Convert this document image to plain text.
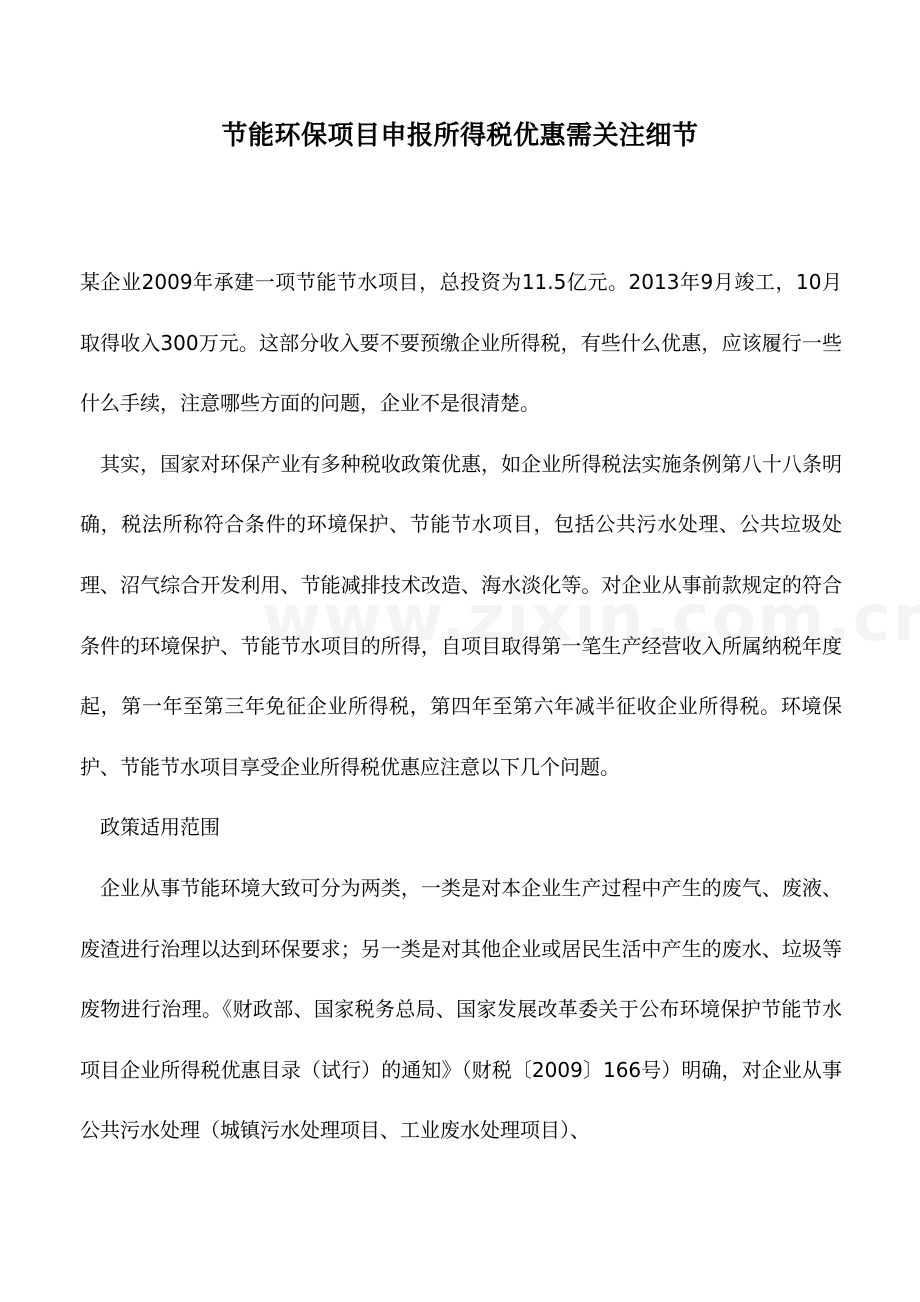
节能环保项目申报所得税优惠需关注细节

某企业2009年承建一项节能节水项目，总投资为11.5亿元。2013年9月竣工，10月取得收入300万元。这部分收入要不要预缴企业所得税，有些什么优惠，应该履行一些什么手续，注意哪些方面的问题，企业不是很清楚。

其实，国家对环保产业有多种税收政策优惠，如企业所得税法实施条例第八十八条明确，税法所称符合条件的环境保护、节能节水项目，包括公共污水处理、公共垃圾处理、沼气综合开发利用、节能减排技术改造、海水淡化等。对企业从事前款规定的符合条件的环境保护、节能节水项目的所得，自项目取得第一笔生产经营收入所属纳税年度起，第一年至第三年免征企业所得税，第四年至第六年减半征收企业所得税。环境保护、节能节水项目享受企业所得税优惠应注意以下几个问题。

政策适用范围

企业从事节能环境大致可分为两类，一类是对本企业生产过程中产生的废气、废液、废渣进行治理以达到环保要求；另一类是对其他企业或居民生活中产生的废水、垃圾等废物进行治理。《财政部、国家税务总局、国家发展改革委关于公布环境保护节能节水项目企业所得税优惠目录（试行）的通知》（财税〔2009〕166号）明确，对企业从事公共污水处理（城镇污水处理项目、工业废水处理项目）、
